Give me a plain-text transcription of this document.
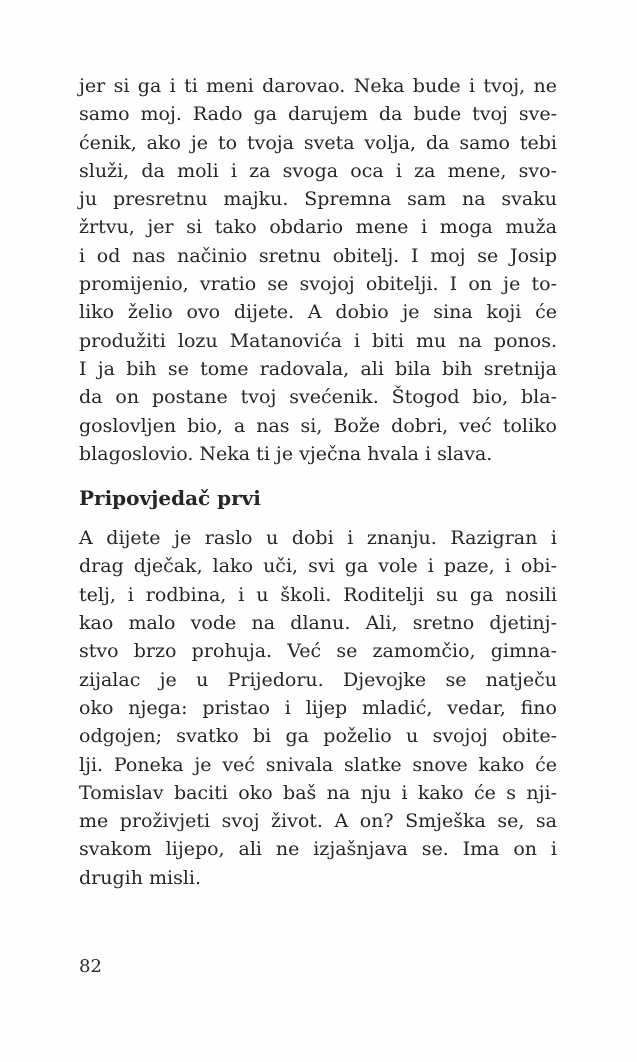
jer si ga i ti meni darovao. Neka bude i tvoj, ne
samo moj. Rado ga darujem da bude tvoj sve-
ćenik, ako je to tvoja sveta volja, da samo tebi
služi, da moli i za svoga oca i za mene, svo-
ju presretnu majku. Spremna sam na svaku
žrtvu, jer si tako obdario mene i moga muža
i od nas načinio sretnu obitelj. I moj se Josip
promijenio, vratio se svojoj obitelji. I on je to-
liko želio ovo dijete. A dobio je sina koji će
produžiti lozu Matanovića i biti mu na ponos.
I ja bih se tome radovala, ali bila bih sretnija
da on postane tvoj svećenik. Štogod bio, bla-
goslovljen bio, a nas si, Bože dobri, već toliko
blagoslovio. Neka ti je vječna hvala i slava.
Pripovjedač prvi
A dijete je raslo u dobi i znanju. Razigran i
drag dječak, lako uči, svi ga vole i paze, i obi-
telj, i rodbina, i u školi. Roditelji su ga nosili
kao malo vode na dlanu. Ali, sretno djetinj-
stvo brzo prohuja. Već se zamomčio, gimna-
zijalac je u Prijedoru. Djevojke se natječu
oko njega: pristao i lijep mladić, vedar, fino
odgojen; svatko bi ga poželio u svojoj obite-
lji. Poneka je već snivala slatke snove kako će
Tomislav baciti oko baš na nju i kako će s nji-
me proživjeti svoj život. A on? Smješka se, sa
svakom lijepo, ali ne izjašnjava se. Ima on i
drugih misli.
82
